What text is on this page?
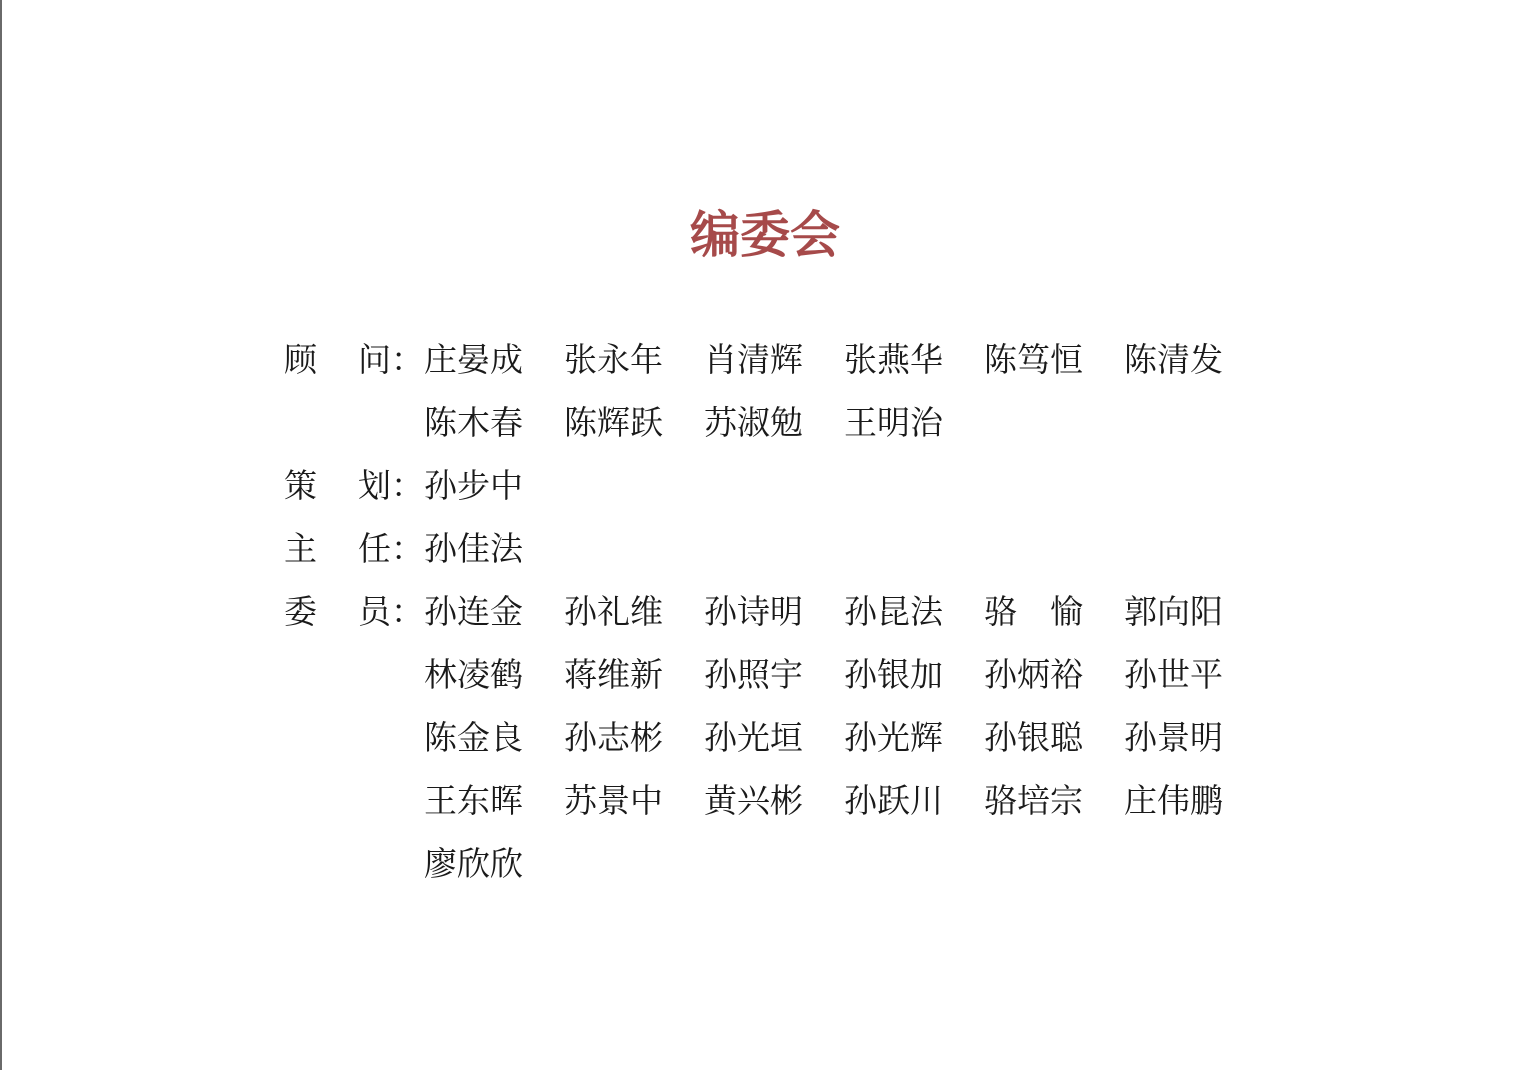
编委会
顾 问： 庄晏成 张永年 肖清辉 张燕华 陈笃恒 陈清发
陈木春 陈辉跃 苏淑勉 王明治
策 划： 孙步中
主 任： 孙佳法
委 员： 孙连金 孙礼维 孙诗明 孙昆法 骆　愉 郭向阳
林凌鹤 蒋维新 孙照宇 孙银加 孙炳裕 孙世平
陈金良 孙志彬 孙光垣 孙光辉 孙银聪 孙景明
王东晖 苏景中 黄兴彬 孙跃川 骆培宗 庄伟鹏
廖欣欣
